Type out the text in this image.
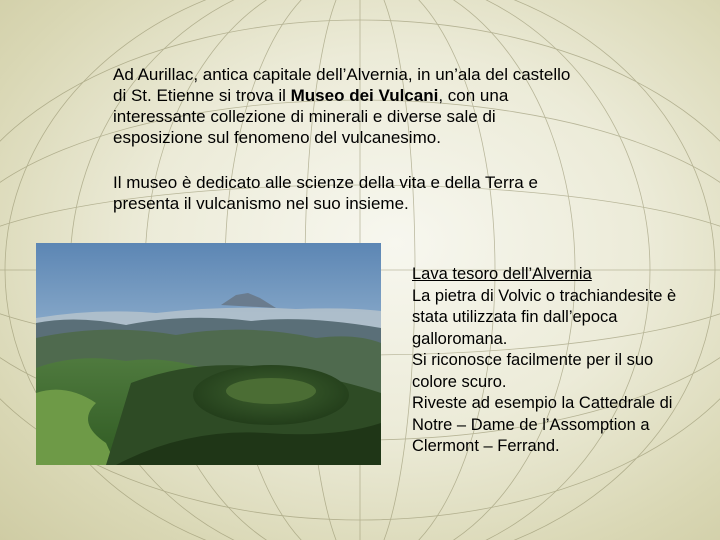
Ad Aurillac, antica capitale dell’Alvernia, in un’ala del castello di St. Etienne si trova il Museo dei Vulcani, con una interessante collezione di minerali e diverse sale di esposizione sul fenomeno del vulcanesimo.
Il museo è dedicato alle scienze della vita e della Terra e presenta il vulcanismo nel suo insieme.
Lava tesoro dell’Alvernia
La pietra di Volvic o trachiandesite è stata utilizzata fin dall’epoca galloromana.
Si riconosce facilmente per il suo colore scuro.
Riveste ad esempio la Cattedrale di Notre – Dame de l’Assomption a Clermont – Ferrand.
